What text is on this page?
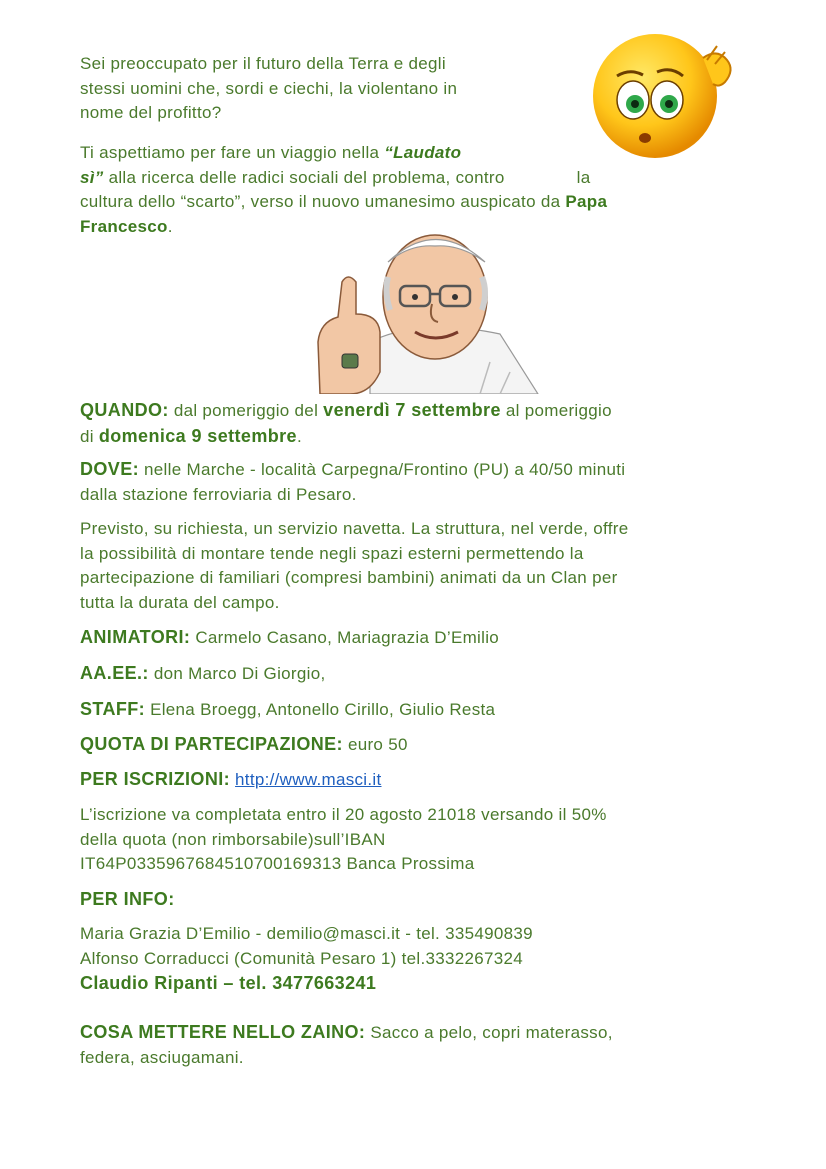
Sei preoccupato per il futuro della Terra e degli
stessi uomini che, sordi e ciechi, la violentano in
nome del profitto?

Ti aspettiamo per fare un viaggio nella “Laudato
sì” alla ricerca delle radici sociali del problema, contro	la
cultura dello “scarto”, verso il nuovo umanesimo auspicato da Papa
Francesco.

QUANDO: dal pomeriggio del venerdì 7 settembre al pomeriggio
di domenica 9 settembre.

DOVE: nelle Marche - località Carpegna/Frontino (PU) a 40/50 minuti
dalla stazione ferroviaria di Pesaro.

Previsto, su richiesta, un servizio navetta. La struttura, nel verde, offre
la possibilità di montare tende negli spazi esterni permettendo la
partecipazione di familiari (compresi bambini) animati da un Clan per
tutta la durata del campo.

ANIMATORI: Carmelo Casano, Mariagrazia D’Emilio

AA.EE.: don Marco Di Giorgio,

STAFF: Elena Broegg, Antonello Cirillo, Giulio Resta

QUOTA DI PARTECIPAZIONE: euro 50

PER ISCRIZIONI: http://www.masci.it

L’iscrizione va completata entro il 20 agosto 21018 versando il 50%
della quota (non rimborsabile)sull’IBAN
IT64P0335967684510700169313 Banca Prossima

PER INFO:

Maria Grazia D’Emilio - demilio@masci.it - tel. 335490839
Alfonso Corraducci (Comunità Pesaro 1) tel.3332267324
Claudio Ripanti – tel. 3477663241

COSA METTERE NELLO ZAINO: Sacco a pelo, copri materasso,
federa, asciugamani.
